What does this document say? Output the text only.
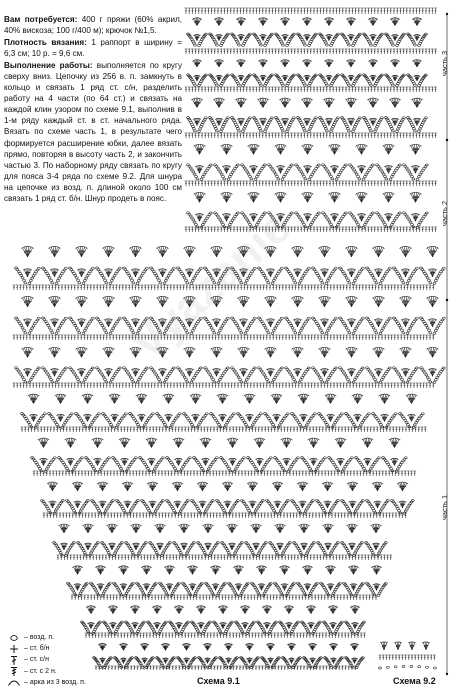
Vyazanie

Вам потребуется: 400 г пряжи (60% акрил, 40% вискоза; 100 г/400 м); крючок №1,5.

Плотность вязания: 1 раппорт в ширину = 6,3 см; 10 р. = 9,6 см.

Выполнение работы: выполняется по кругу сверху вниз. Цепочку из 256 в. п. замкнуть в кольцо и связать 1 ряд ст. с/н, разделить работу на 4 части (по 64 ст.) и связать на каждой клин узором по схеме 9.1, выполнив в 1-м ряду каждый ст. в ст. начального ряда. Вязать по схеме часть 1, в результате чего формируется расширение юбки, далее вязать прямо, повторяя в высоту часть 2, и закончить частью 3. По наборному ряду связать по кругу для пояса 3-4 ряда по схеме 9.2. Для шнура на цепочке из возд. п. длиной около 100 см связать 1 ряд ст. б/н. Шнур продеть в пояс.

часть 3
часть 2
часть 1
Схема 9.1	Схема 9.2
– возд. п.
– ст. б/н
– ст. с/н
– ст. с 2 н.
– арка из 3 возд. п.
